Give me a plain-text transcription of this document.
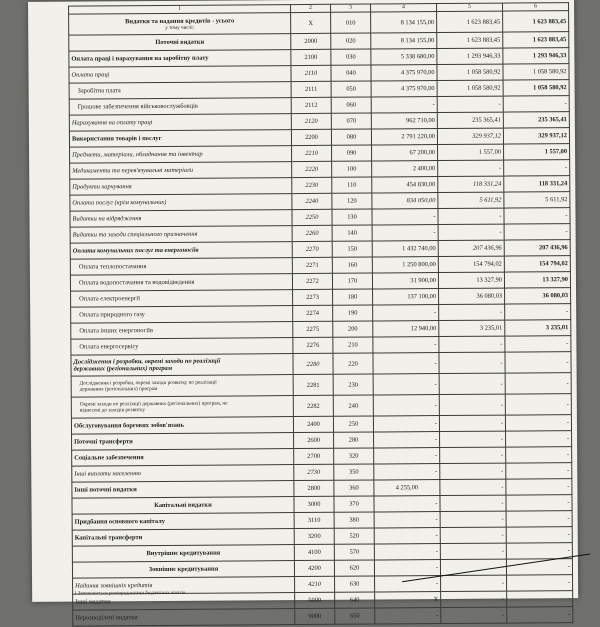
1	2	3	4	5	6

Видатки та надання кредитів - усього
у тому числі:	X	010	8 134 155,00	1 623 883,45	1 623 883,45
Поточні видатки	2000	020	8 134 155,00	1 623 883,45	1 623 883,45
Оплата праці і нарахування на заробітну плату	2100	030	5 338 680,00	1 293 946,33	1 293 946,33
Оплата праці	2110	040	4 375 970,00	1 058 580,92	1 058 580,92
Заробітна плата	2111	050	4 375 970,00	1 058 580,92	1 058 580,92
Грошове забезпечення військовослужбовців	2112	060	-	-	-
Нарахування на оплату праці	2120	070	962 710,00	235 365,41	235 365,41
Використання товарів і послуг	2200	080	2 791 220,00	329 937,12	329 937,12
Предмети, матеріали, обладнання та інвентар	2210	090	67 200,00	1 557,00	1 557,00
Медикаменти та перев'язувальні матеріали	2220	100	2 400,00	-	-
Продукти харчування	2230	110	454 830,00	118 331,24	118 331,24
Оплата послуг (крім комунальних)	2240	120	834 050,00	5 611,92	5 611,92
Видатки на відрядження	2250	130	-	-	-
Видатки та заходи спеціального призначення	2260	140	-	-	-
Оплата комунальних послуг та енергоносіїв	2270	150	1 432 740,00	207 436,96	207 436,96
Оплата теплопостачання	2271	160	1 250 800,00	154 794,02	154 794,02
Оплата водопостачання та водовідведення	2272	170	31 900,00	13 327,90	13 327,90
Оплата електроенергії	2273	180	137 100,00	36 080,03	36 080,03
Оплата природного газу	2274	190	-	-	-
Оплата інших енергоносіїв	2275	200	12 940,00	3 235,01	3 235,01
Оплата енергосервісу	2276	210	-	-	-

Дослідження і розробки, окремі заходи по реалізації
державних (регіональних) програм	2280	220	-	-	-

Дослідження і розробки, окремі заходи розвитку по реалізації
державних (регіональних) програм	2281	230	-	-	-

Окремі заходи по реалізації державних (регіональних) програм, не
віднесені до заходів розвитку	2282	240	-	-	-
Обслуговування боргових зобов'язань	2400	250	-	-	-
Поточні трансферти	2600	280	-	-	-
Соціальне забезпечення	2700	320	-	-	-
Інші виплати населенню	2730	350	-	-	-
Інші поточні видатки	2800	360	4 255,00	-	-
Капітальні видатки	3000	370	-	-	-
Придбання основного капіталу	3110	380	-	-	-
Капітальні трансферти	3200	520	-	-	-
Внутрішнє кредитування	4100	570	-	-	-
Зовнішнє кредитування	4200	620	-		-
Надання зовнішніх кредитів	4210	630	-	-	-
Інші видатки	5000	640	X	-	-
Нерозподілені видатки	9000	650	-	-	-
1 Заповнюється розпорядниками бюджетних коштів
